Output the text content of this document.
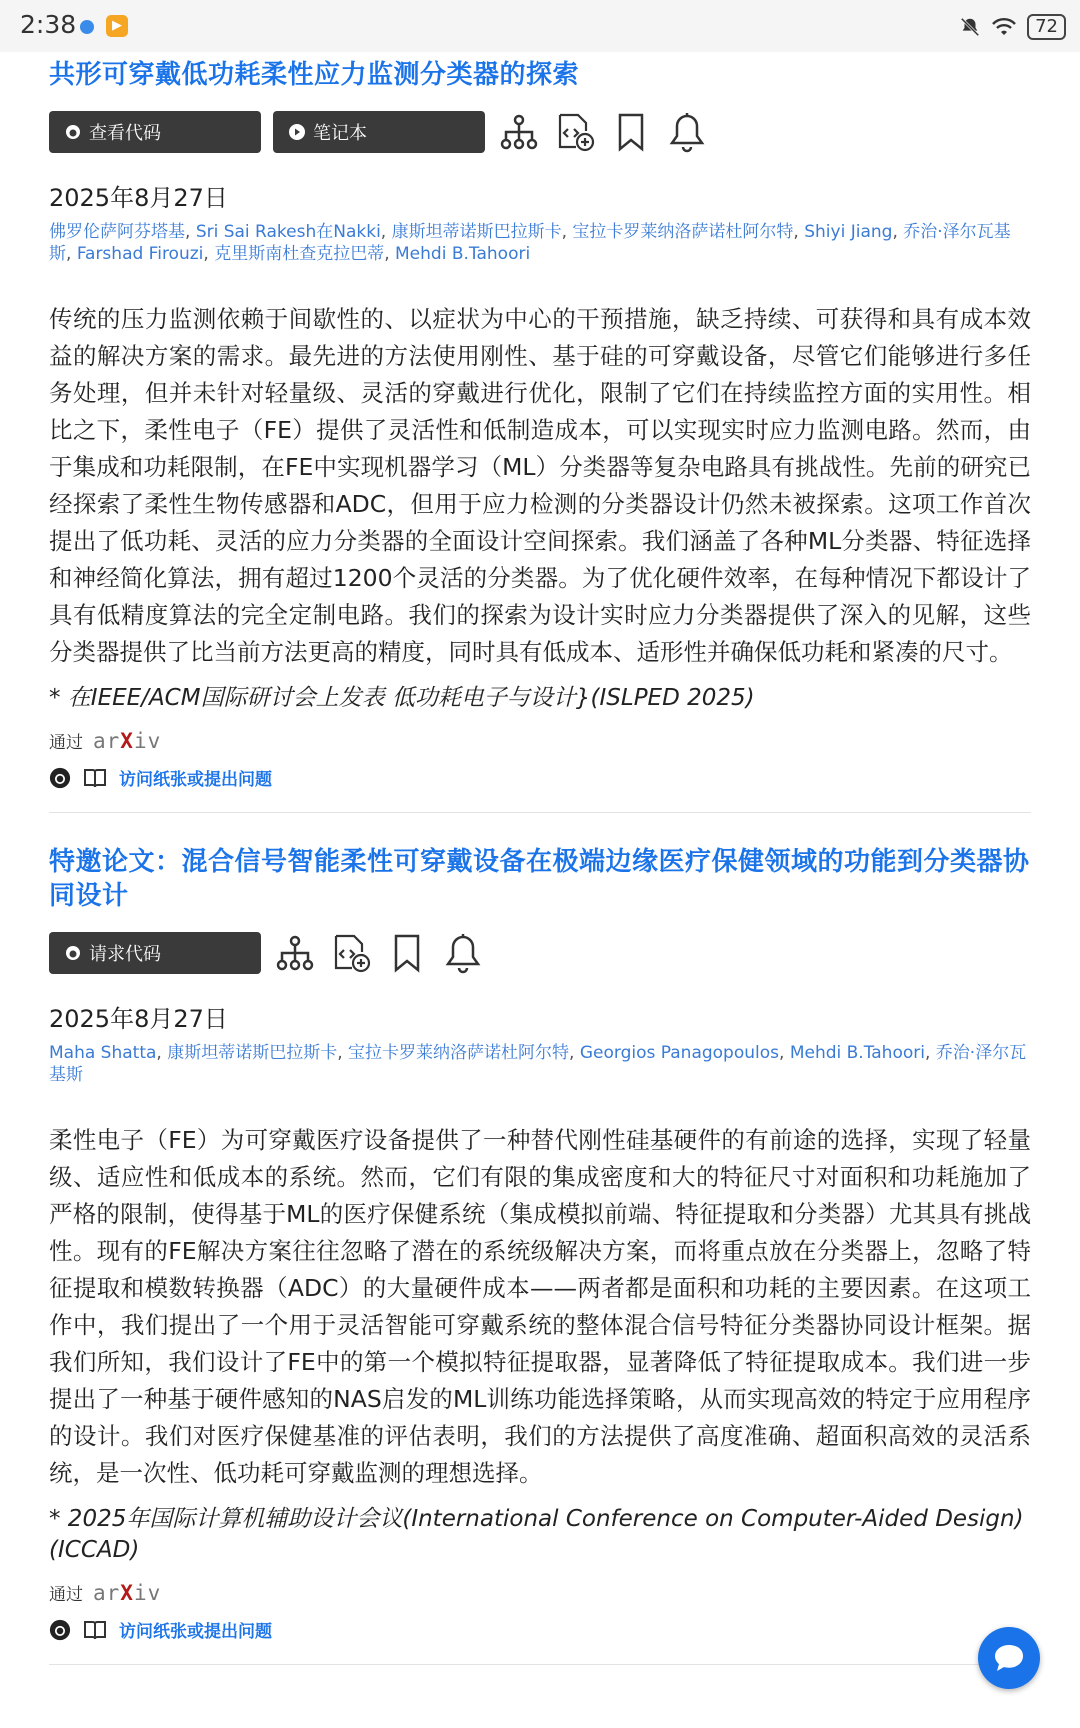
2:38	▶	72
共形可穿戴低功耗柔性应力监测分类器的探索
查看代码	笔记本
2025年8月27日
佛罗伦萨阿芬塔基, Sri Sai Rakesh在Nakki, 康斯坦蒂诺斯巴拉斯卡, 宝拉卡罗莱纳洛萨诺杜阿尔特, Shiyi Jiang, 乔治·泽尔瓦基斯, Farshad Firouzi, 克里斯南杜查克拉巴蒂, Mehdi B.Tahoori
传统的压力监测依赖于间歇性的、以症状为中心的干预措施，缺乏持续、可获得和具有成本效益的解决方案的需求。最先进的方法使用刚性、基于硅的可穿戴设备，尽管它们能够进行多任务处理，但并未针对轻量级、灵活的穿戴进行优化，限制了它们在持续监控方面的实用性。相比之下，柔性电子（FE）提供了灵活性和低制造成本，可以实现实时应力监测电路。然而，由于集成和功耗限制，在FE中实现机器学习（ML）分类器等复杂电路具有挑战性。先前的研究已经探索了柔性生物传感器和ADC，但用于应力检测的分类器设计仍然未被探索。这项工作首次提出了低功耗、灵活的应力分类器的全面设计空间探索。我们涵盖了各种ML分类器、特征选择和神经简化算法，拥有超过1200个灵活的分类器。为了优化硬件效率，在每种情况下都设计了具有低精度算法的完全定制电路。我们的探索为设计实时应力分类器提供了深入的见解，这些分类器提供了比当前方法更高的精度，同时具有低成本、适形性并确保低功耗和紧凑的尺寸。
* 在IEEE/ACM国际研讨会上发表 低功耗电子与设计}(ISLPED 2025)
通过 arXiv
访问纸张或提出问题
特邀论文：混合信号智能柔性可穿戴设备在极端边缘医疗保健领域的功能到分类器协同设计
请求代码
2025年8月27日
Maha Shatta, 康斯坦蒂诺斯巴拉斯卡, 宝拉卡罗莱纳洛萨诺杜阿尔特, Georgios Panagopoulos, Mehdi B.Tahoori, 乔治·泽尔瓦基斯
柔性电子（FE）为可穿戴医疗设备提供了一种替代刚性硅基硬件的有前途的选择，实现了轻量级、适应性和低成本的系统。然而，它们有限的集成密度和大的特征尺寸对面积和功耗施加了严格的限制，使得基于ML的医疗保健系统（集成模拟前端、特征提取和分类器）尤其具有挑战性。现有的FE解决方案往往忽略了潜在的系统级解决方案，而将重点放在分类器上，忽略了特征提取和模数转换器（ADC）的大量硬件成本——两者都是面积和功耗的主要因素。在这项工作中，我们提出了一个用于灵活智能可穿戴系统的整体混合信号特征分类器协同设计框架。据我们所知，我们设计了FE中的第一个模拟特征提取器，显著降低了特征提取成本。我们进一步提出了一种基于硬件感知的NAS启发的ML训练功能选择策略，从而实现高效的特定于应用程序的设计。我们对医疗保健基准的评估表明，我们的方法提供了高度准确、超面积高效的灵活系统，是一次性、低功耗可穿戴监测的理想选择。
* 2025年国际计算机辅助设计会议(International Conference on Computer-Aided Design)(ICCAD)
通过 arXiv
访问纸张或提出问题
